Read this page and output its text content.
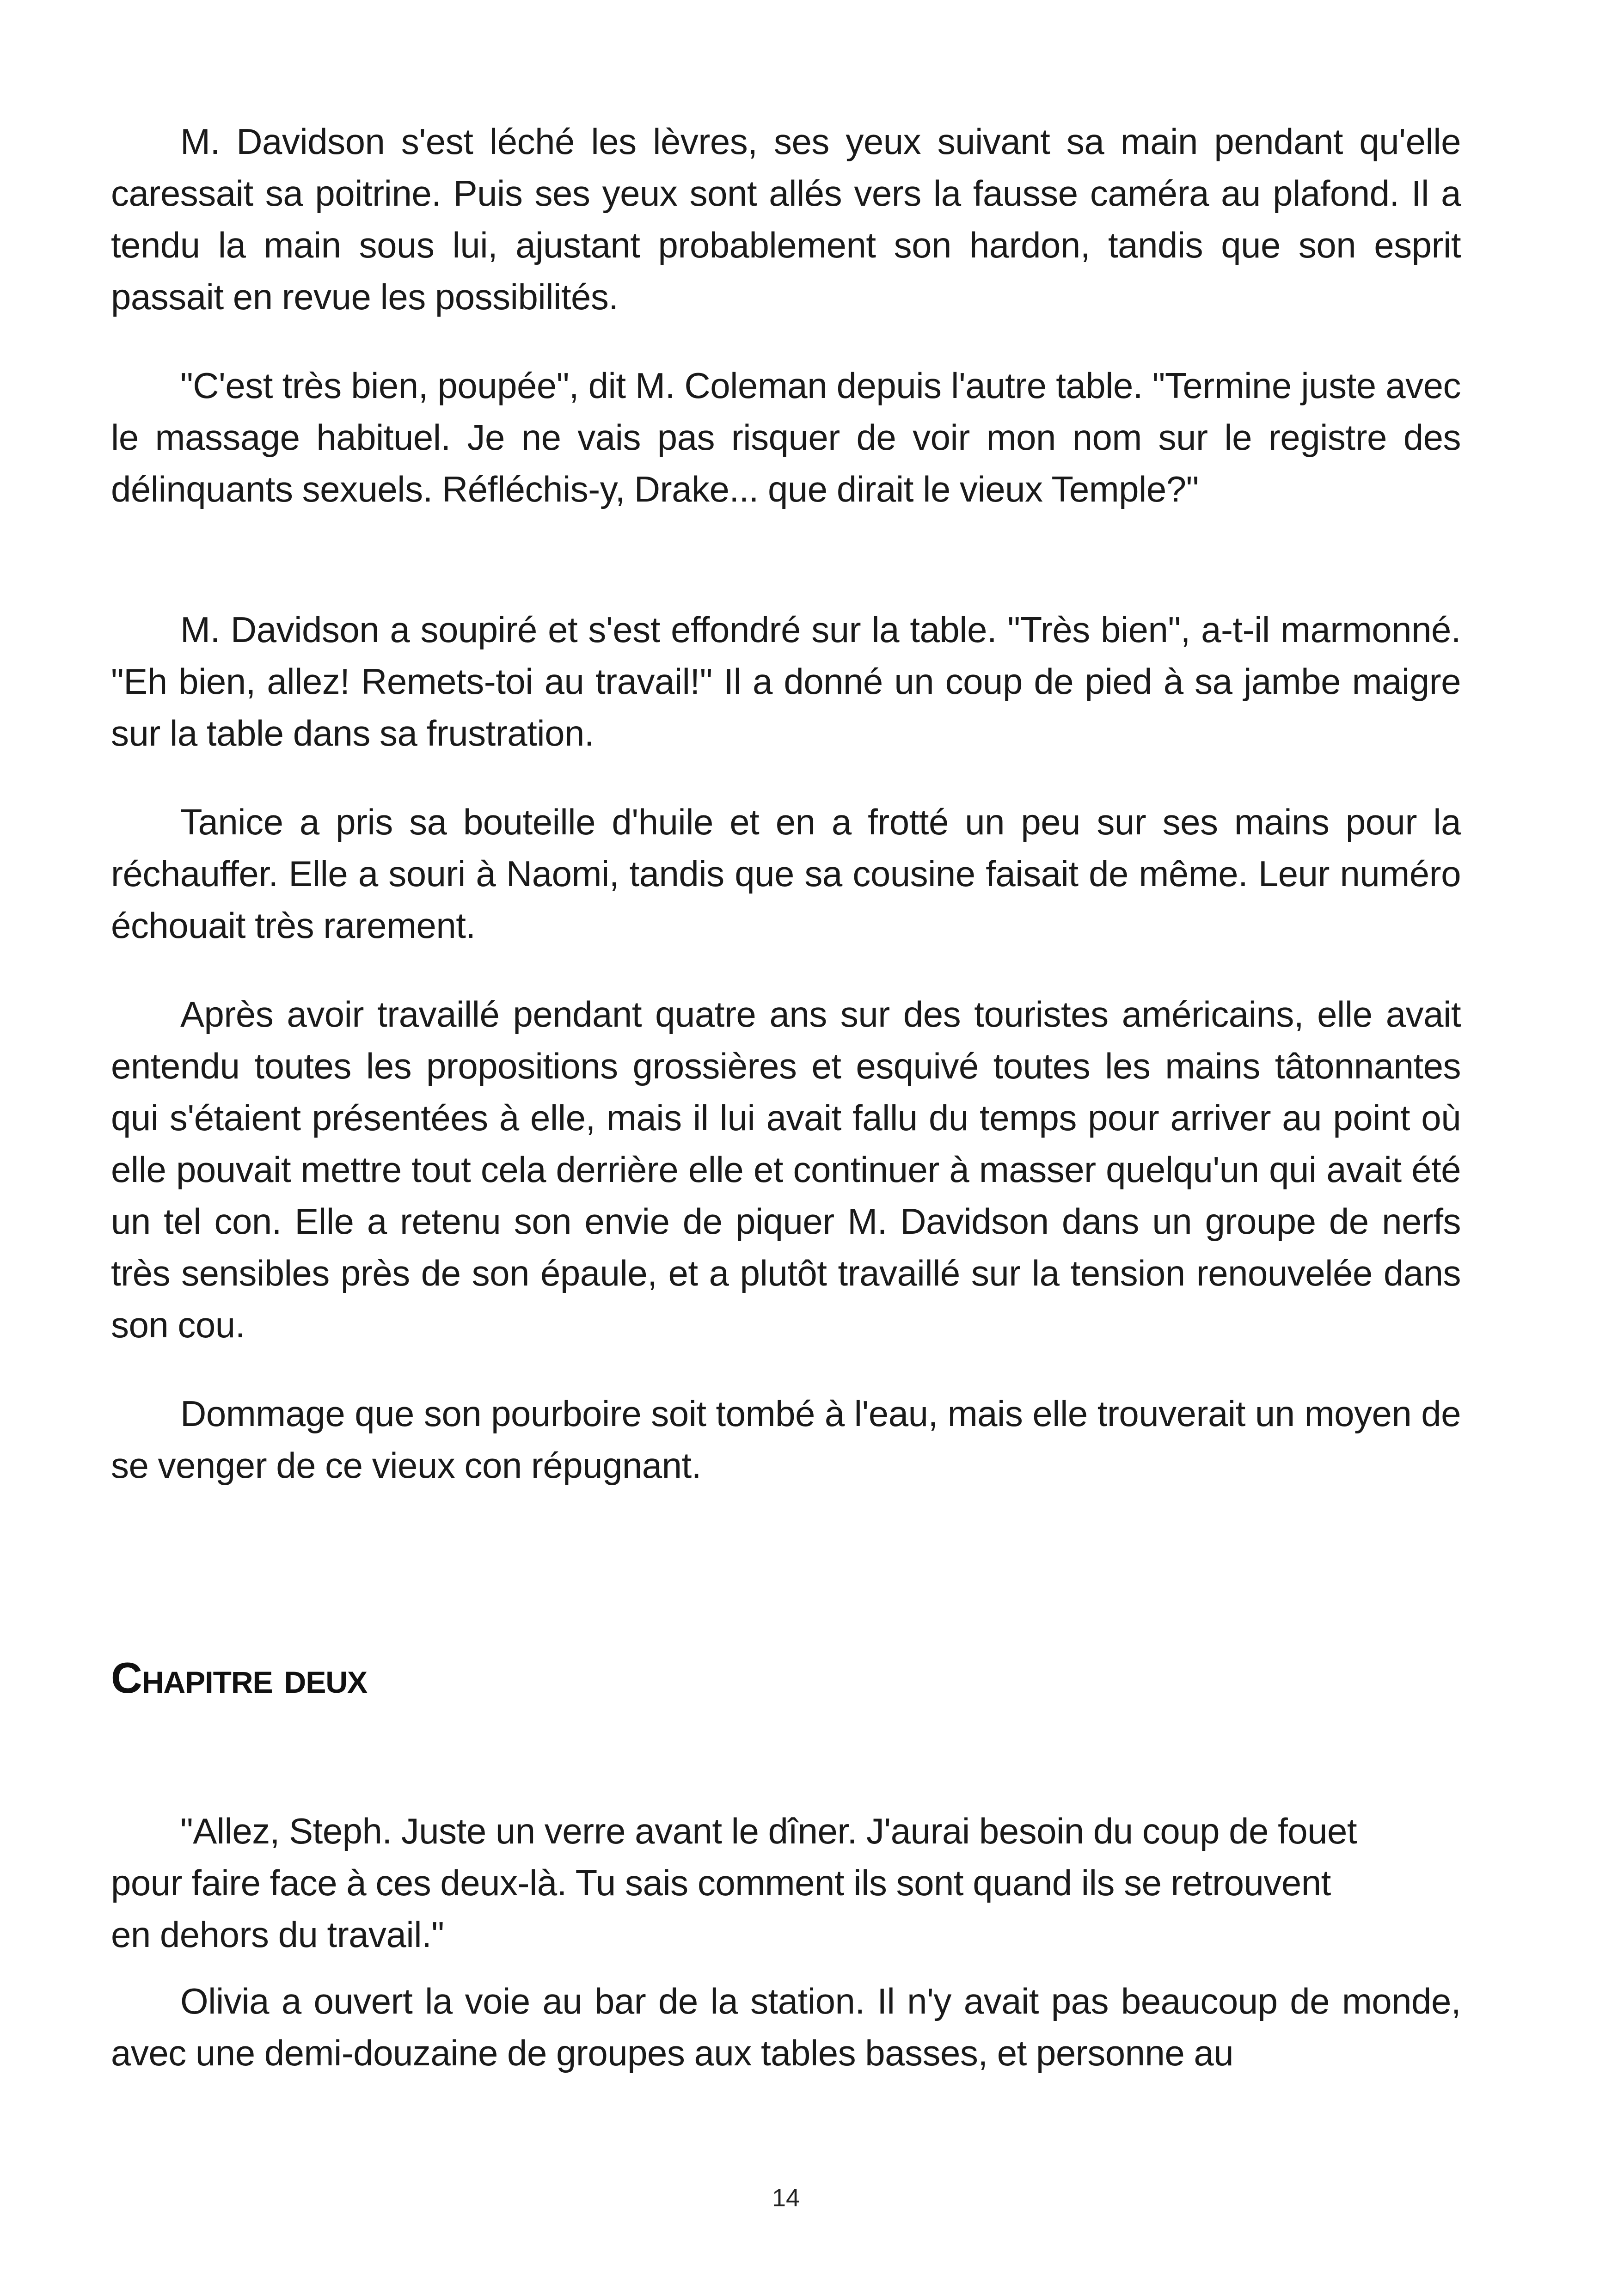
M. Davidson s'est léché les lèvres, ses yeux suivant sa main pendant qu'elle caressait sa poitrine. Puis ses yeux sont allés vers la fausse caméra au plafond. Il a tendu la main sous lui, ajustant probablement son hardon, tandis que son esprit passait en revue les possibilités.

"C'est très bien, poupée", dit M. Coleman depuis l'autre table. "Termine juste avec le massage habituel. Je ne vais pas risquer de voir mon nom sur le registre des délinquants sexuels. Réfléchis-y, Drake... que dirait le vieux Temple?"

M. Davidson a soupiré et s'est effondré sur la table. "Très bien", a-t-il marmonné. "Eh bien, allez! Remets-toi au travail!" Il a donné un coup de pied à sa jambe maigre sur la table dans sa frustration.

Tanice a pris sa bouteille d'huile et en a frotté un peu sur ses mains pour la réchauffer. Elle a souri à Naomi, tandis que sa cousine faisait de même. Leur numéro échouait très rarement.

Après avoir travaillé pendant quatre ans sur des touristes américains, elle avait entendu toutes les propositions grossières et esquivé toutes les mains tâtonnantes qui s'étaient présentées à elle, mais il lui avait fallu du temps pour arriver au point où elle pouvait mettre tout cela derrière elle et continuer à masser quelqu'un qui avait été un tel con. Elle a retenu son envie de piquer M. Davidson dans un groupe de nerfs très sensibles près de son épaule, et a plutôt travaillé sur la tension renouvelée dans son cou.

Dommage que son pourboire soit tombé à l'eau, mais elle trouverait un moyen de se venger de ce vieux con répugnant.

Chapitre deux

"Allez, Steph. Juste un verre avant le dîner. J'aurai besoin du coup de fouet pour faire face à ces deux-là. Tu sais comment ils sont quand ils se retrouvent en dehors du travail."

Olivia a ouvert la voie au bar de la station. Il n'y avait pas beaucoup de monde, avec une demi-douzaine de groupes aux tables basses, et personne au

14
